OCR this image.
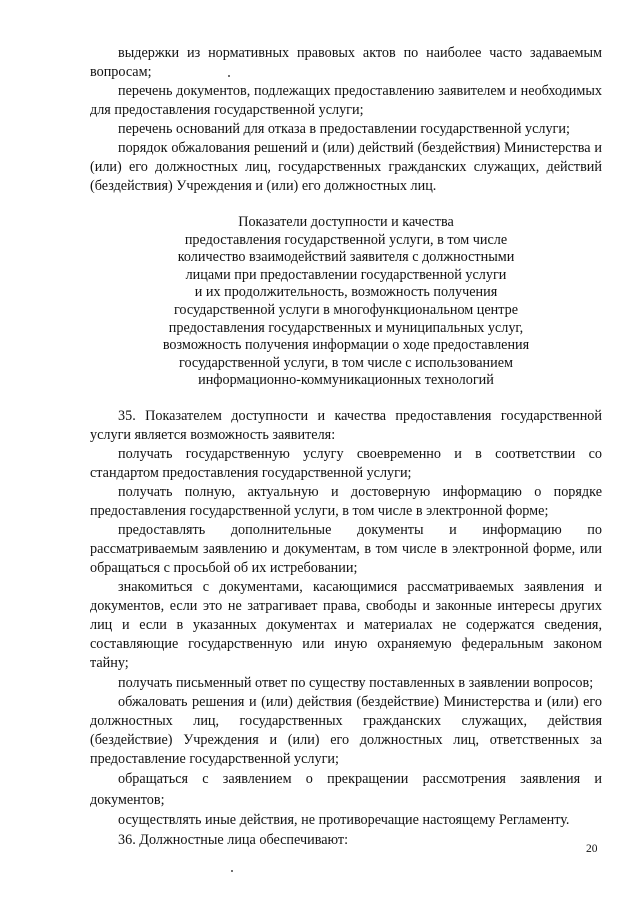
выдержки из нормативных правовых актов по наиболее часто задаваемым вопросам;

перечень документов, подлежащих предоставлению заявителем и необходимых для предоставления государственной услуги;

перечень оснований для отказа в предоставлении государственной услуги;

порядок обжалования решений и (или) действий (бездействия) Министерства и (или) его должностных лиц, государственных гражданских служащих, действий (бездействия) Учреждения и (или) его должностных лиц.

Показатели доступности и качества
предоставления государственной услуги, в том числе
количество взаимодействий заявителя с должностными
лицами при предоставлении государственной услуги
и их продолжительность, возможность получения
государственной услуги в многофункциональном центре
предоставления государственных и муниципальных услуг,
возможность получения информации о ходе предоставления
государственной услуги, в том числе с использованием
информационно-коммуникационных технологий

35. Показателем доступности и качества предоставления государственной услуги является возможность заявителя:

получать государственную услугу своевременно и в соответствии со стандартом предоставления государственной услуги;

получать полную, актуальную и достоверную информацию о порядке предоставления государственной услуги, в том числе в электронной форме;

предоставлять дополнительные документы и информацию по рассматриваемым заявлению и документам, в том числе в электронной форме, или обращаться с просьбой об их истребовании;

знакомиться с документами, касающимися рассматриваемых заявления и документов, если это не затрагивает права, свободы и законные интересы других лиц и если в указанных документах и материалах не содержатся сведения, составляющие государственную или иную охраняемую федеральным законом тайну;

получать письменный ответ по существу поставленных в заявлении вопросов;

обжаловать решения и (или) действия (бездействие) Министерства и (или) его должностных лиц, государственных гражданских служащих, действия (бездействие) Учреждения и (или) его должностных лиц, ответственных за предоставление государственной услуги;

обращаться с заявлением о прекращении рассмотрения заявления и документов;

осуществлять иные действия, не противоречащие настоящему Регламенту.

36. Должностные лица обеспечивают:

20
